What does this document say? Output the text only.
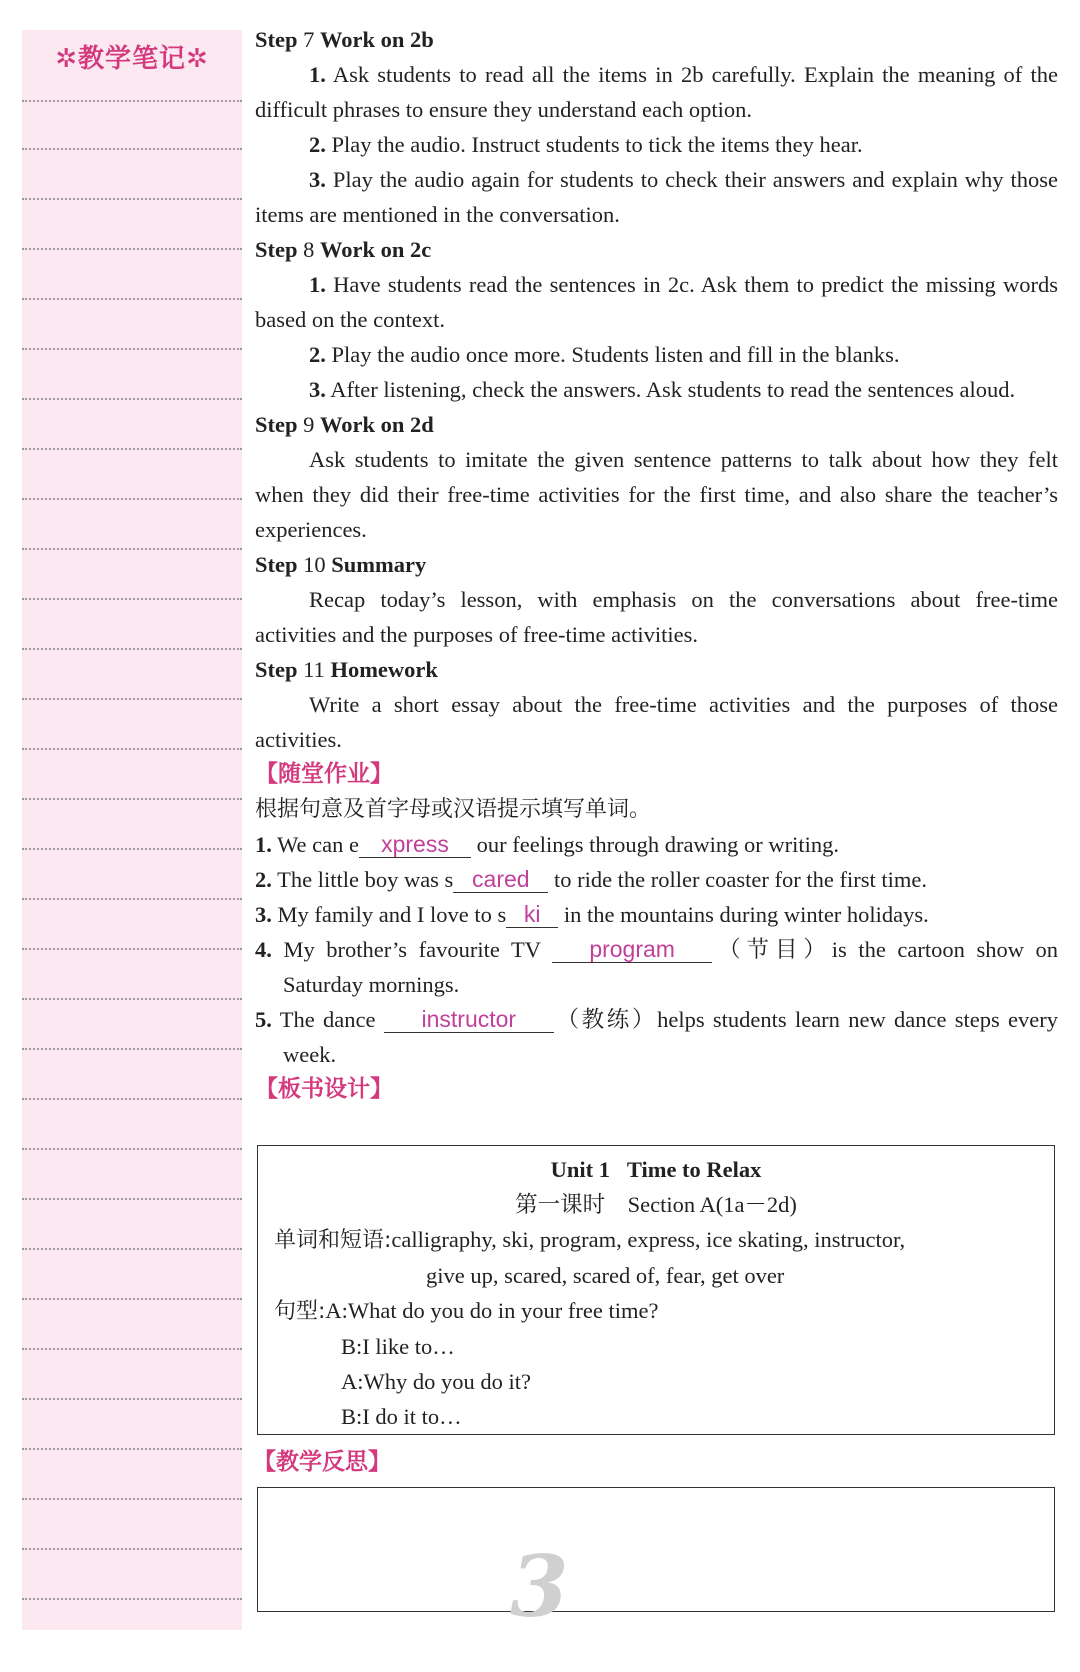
✲教学笔记✲

Step 7 Work on 2b

1. Ask students to read all the items in 2b carefully. Explain the meaning of the difficult phrases to ensure they understand each option.

2. Play the audio. Instruct students to tick the items they hear.

3. Play the audio again for students to check their answers and explain why those items are mentioned in the conversation.

Step 8 Work on 2c

1. Have students read the sentences in 2c. Ask them to predict the missing words based on the context.

2. Play the audio once more. Students listen and fill in the blanks.

3. After listening, check the answers. Ask students to read the sentences aloud.

Step 9 Work on 2d

Ask students to imitate the given sentence patterns to talk about how they felt when they did their free-time activities for the first time, and also share the teacher’s experiences.

Step 10 Summary

Recap today’s lesson, with emphasis on the conversations about free-time activities and the purposes of free-time activities.

Step 11 Homework

Write a short essay about the free-time activities and the purposes of those activities.

【随堂作业】

根据句意及首字母或汉语提示填写单词。

1. We can e xpress our feelings through drawing or writing.

2. The little boy was s cared to ride the roller coaster for the first time.

3. My family and I love to s ki in the mountains during winter holidays.

4. My brother’s favourite TV program （节目）is the cartoon show on Saturday mornings.

5. The dance instructor （教练）helps students learn new dance steps every week.

【板书设计】

Unit 1 Time to Relax
第一课时　Section A(1a－2d)
单词和短语:calligraphy, ski, program, express, ice skating, instructor,
give up, scared, scared of, fear, get over
句型:A:What do you do in your free time?
B:I like to…
A:Why do you do it?
B:I do it to…
【教学反思】
3
